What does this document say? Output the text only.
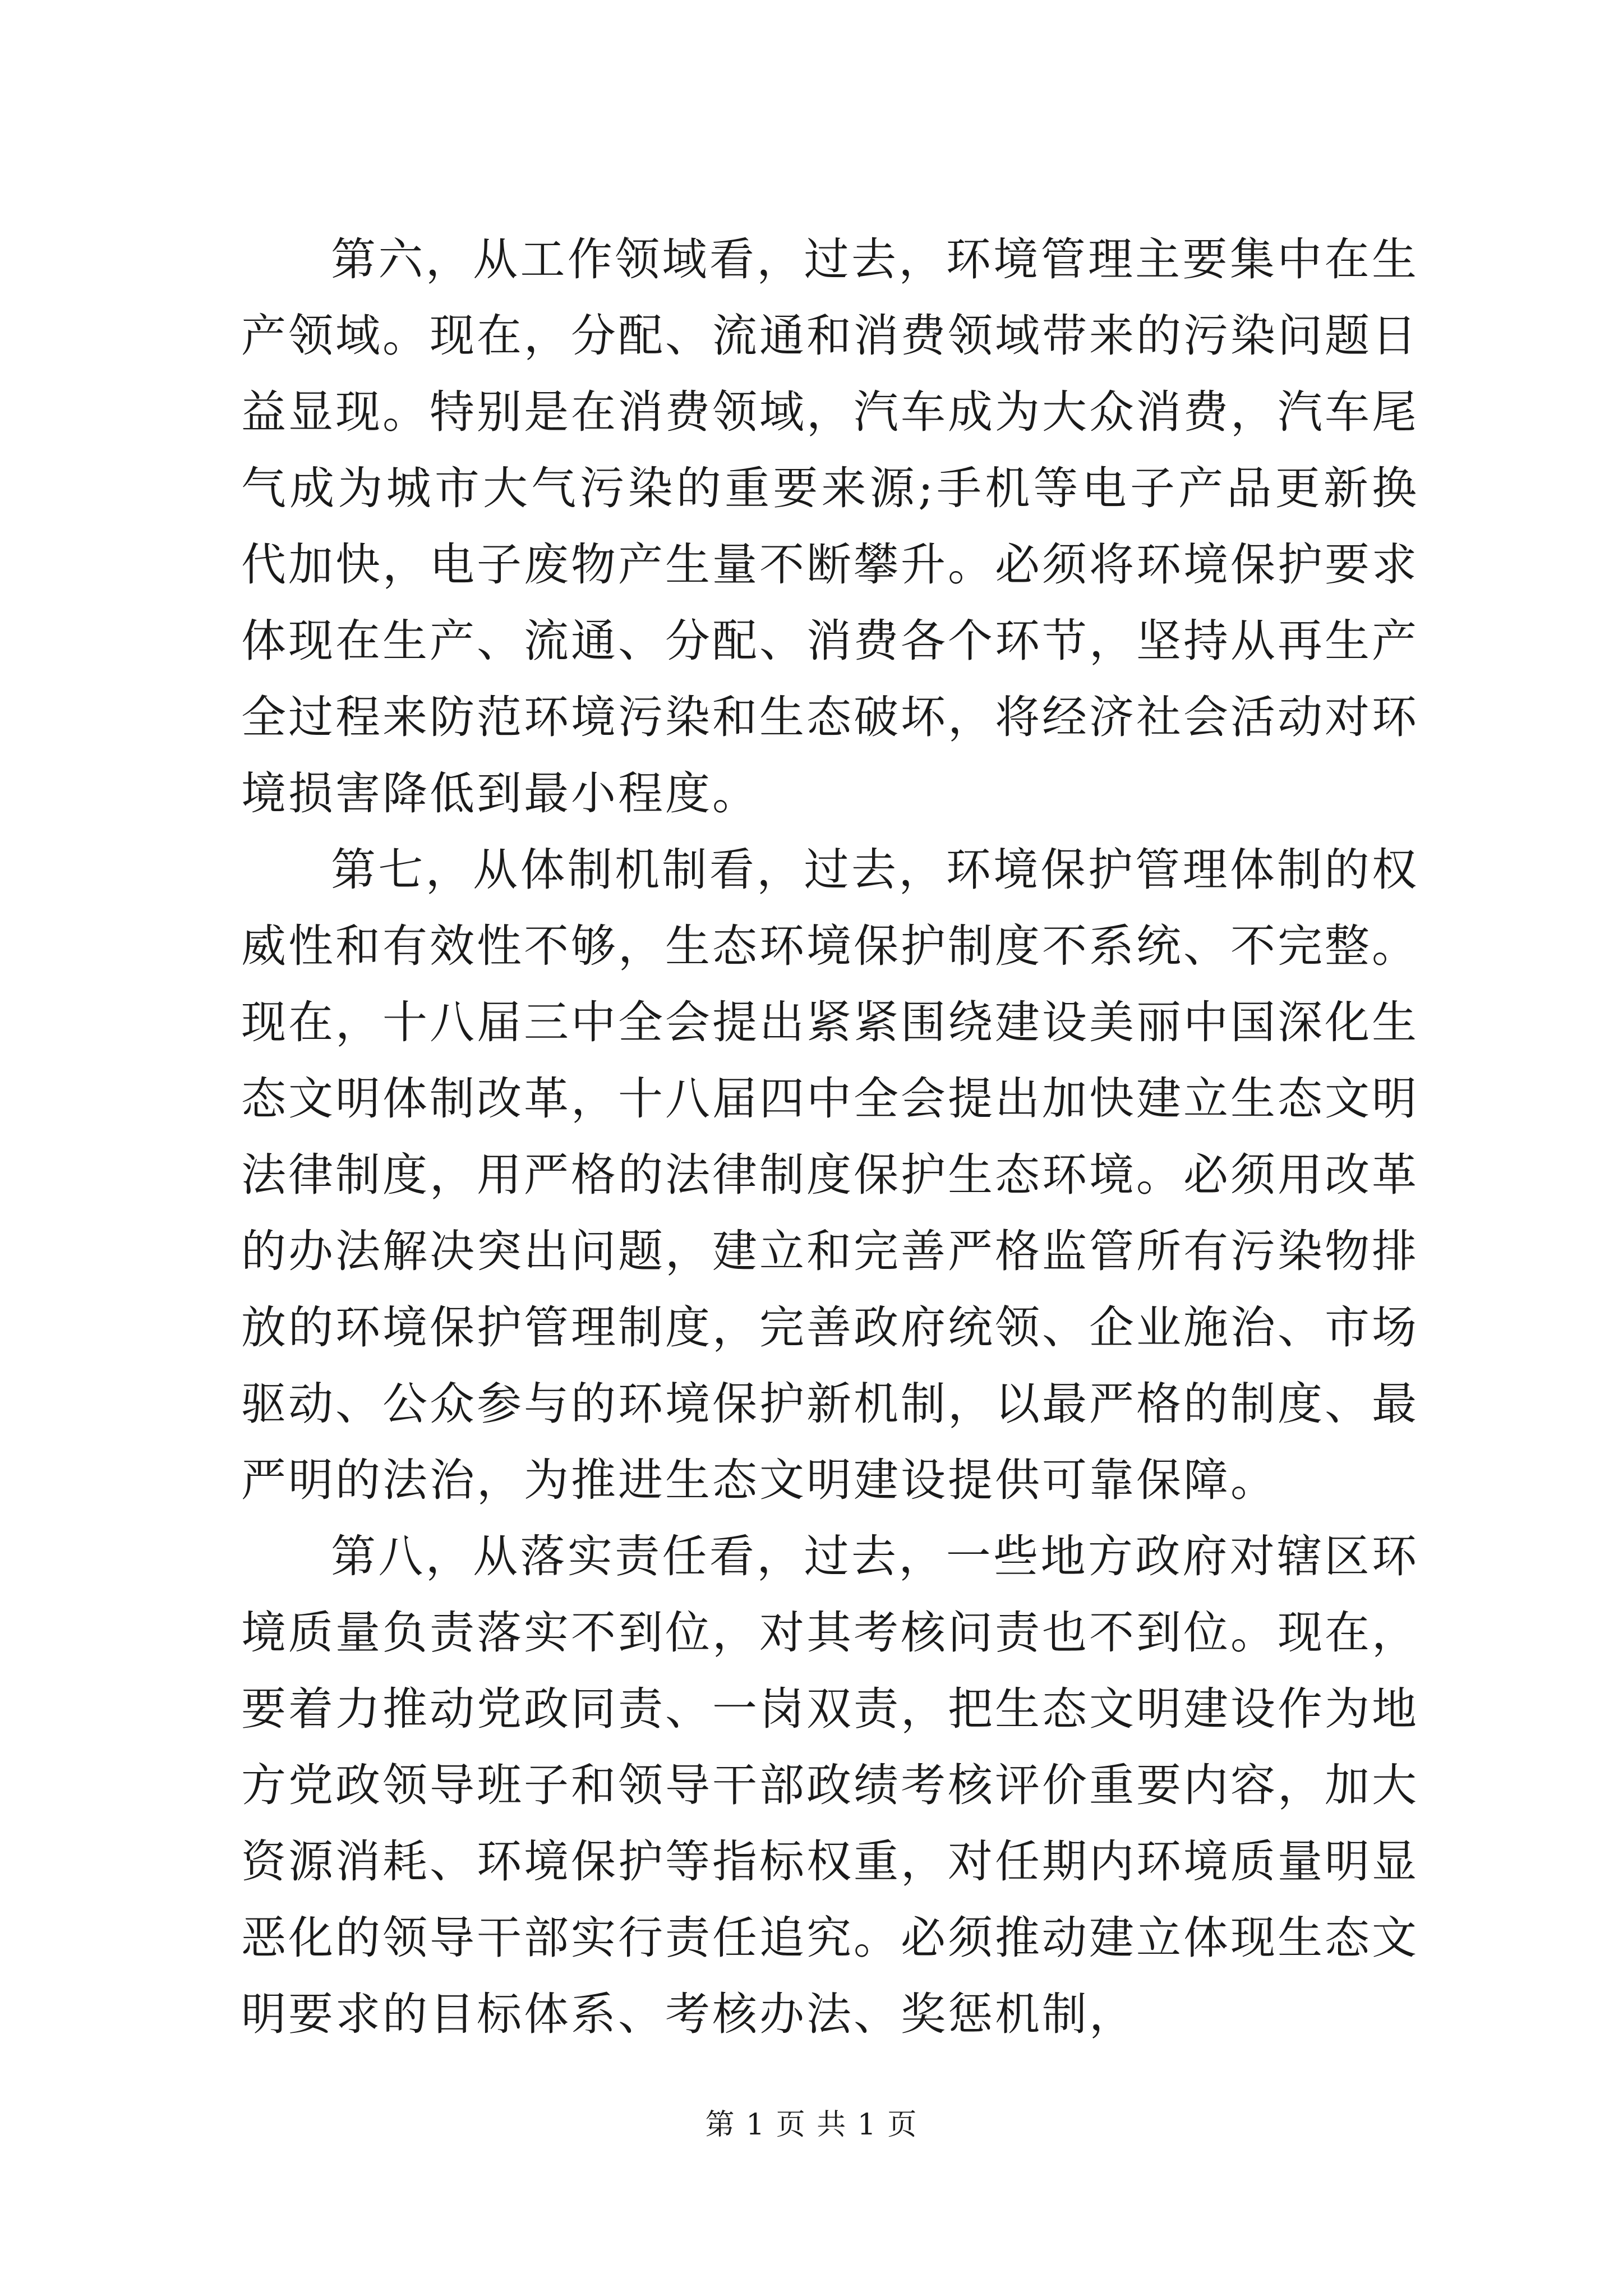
第六，从工作领域看，过去，环境管理主要集中在生产领域。现在，分配、流通和消费领域带来的污染问题日益显现。特别是在消费领域，汽车成为大众消费，汽车尾气成为城市大气污染的重要来源;手机等电子产品更新换代加快，电子废物产生量不断攀升。必须将环境保护要求体现在生产、流通、分配、消费各个环节，坚持从再生产全过程来防范环境污染和生态破坏，将经济社会活动对环境损害降低到最小程度。

第七，从体制机制看，过去，环境保护管理体制的权威性和有效性不够，生态环境保护制度不系统、不完整。现在，十八届三中全会提出紧紧围绕建设美丽中国深化生态文明体制改革，十八届四中全会提出加快建立生态文明法律制度，用严格的法律制度保护生态环境。必须用改革的办法解决突出问题，建立和完善严格监管所有污染物排放的环境保护管理制度，完善政府统领、企业施治、市场驱动、公众参与的环境保护新机制，以最严格的制度、最严明的法治，为推进生态文明建设提供可靠保障。

第八，从落实责任看，过去，一些地方政府对辖区环境质量负责落实不到位，对其考核问责也不到位。现在，要着力推动党政同责、一岗双责，把生态文明建设作为地方党政领导班子和领导干部政绩考核评价重要内容，加大资源消耗、环境保护等指标权重，对任期内环境质量明显恶化的领导干部实行责任追究。必须推动建立体现生态文明要求的目标体系、考核办法、奖惩机制，

第 1 页 共 1 页
